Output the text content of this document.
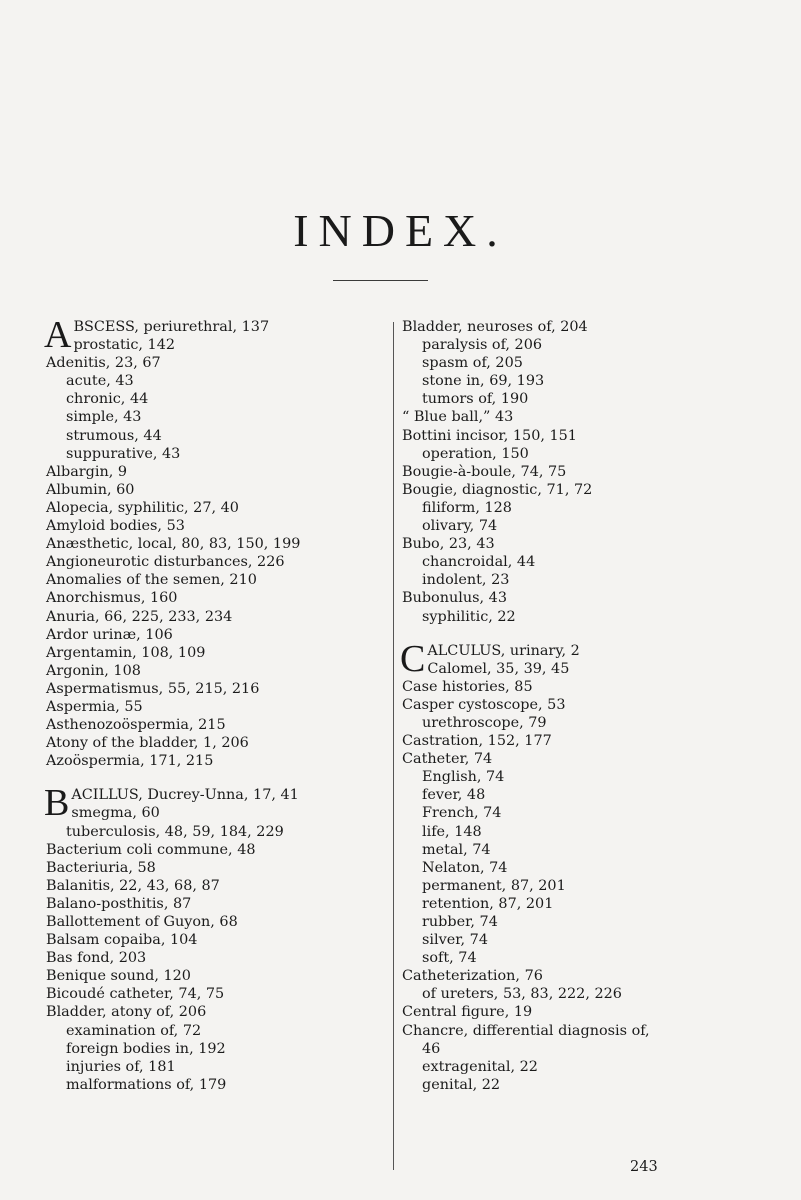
INDEX.
A BSCESS, periurethral, 137
prostatic, 142
Adenitis, 23, 67
acute, 43
chronic, 44
simple, 43
strumous, 44
suppurative, 43
Albargin, 9
Albumin, 60
Alopecia, syphilitic, 27, 40
Amyloid bodies, 53
Anæsthetic, local, 80, 83, 150, 199
Angioneurotic disturbances, 226
Anomalies of the semen, 210
Anorchismus, 160
Anuria, 66, 225, 233, 234
Ardor urinæ, 106
Argentamin, 108, 109
Argonin, 108
Aspermatismus, 55, 215, 216
Aspermia, 55
Asthenozoöspermia, 215
Atony of the bladder, 1, 206
Azoöspermia, 171, 215
B ACILLUS, Ducrey-Unna, 17, 41
smegma, 60
tuberculosis, 48, 59, 184, 229
Bacterium coli commune, 48
Bacteriuria, 58
Balanitis, 22, 43, 68, 87
Balano-posthitis, 87
Ballottement of Guyon, 68
Balsam copaiba, 104
Bas fond, 203
Benique sound, 120
Bicoudé catheter, 74, 75
Bladder, atony of, 206
examination of, 72
foreign bodies in, 192
injuries of, 181
malformations of, 179
Bladder, neuroses of, 204
paralysis of, 206
spasm of, 205
stone in, 69, 193
tumors of, 190
“ Blue ball,” 43
Bottini incisor, 150, 151
operation, 150
Bougie-à-boule, 74, 75
Bougie, diagnostic, 71, 72
filiform, 128
olivary, 74
Bubo, 23, 43
chancroidal, 44
indolent, 23
Bubonulus, 43
syphilitic, 22
C ALCULUS, urinary, 2
Calomel, 35, 39, 45
Case histories, 85
Casper cystoscope, 53
urethroscope, 79
Castration, 152, 177
Catheter, 74
English, 74
fever, 48
French, 74
life, 148
metal, 74
Nelaton, 74
permanent, 87, 201
retention, 87, 201
rubber, 74
silver, 74
soft, 74
Catheterization, 76
of ureters, 53, 83, 222, 226
Central figure, 19
Chancre, differential diagnosis of,
46
extragenital, 22
genital, 22
243
